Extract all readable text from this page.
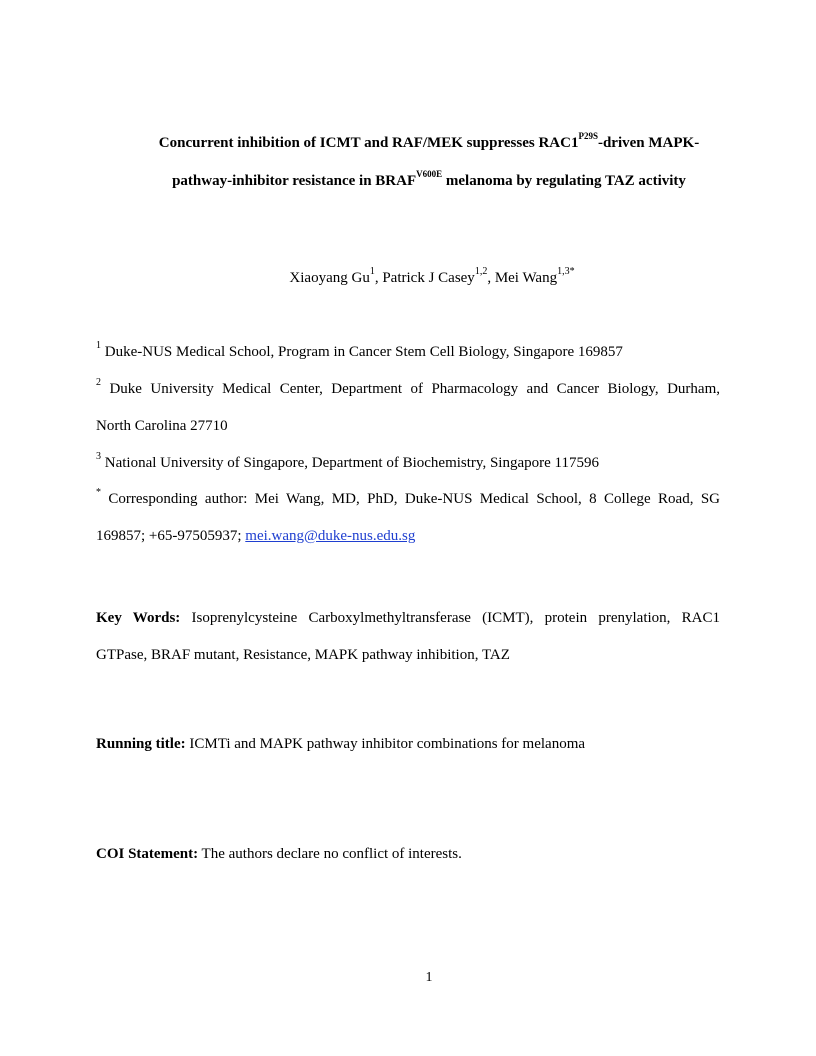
Concurrent inhibition of ICMT and RAF/MEK suppresses $RAC1^{P29S}$-driven MAPK-
pathway-inhibitor resistance in $BRAF^{V600E}$ melanoma by regulating TAZ activity
Xiaoyang Gu$^1$, Patrick J Casey$^{1,2}$, Mei Wang$^{1,3*}$
$^1$ Duke-NUS Medical School, Program in Cancer Stem Cell Biology, Singapore 169857
$^2$ Duke University Medical Center, Department of Pharmacology and Cancer Biology, Durham,
North Carolina 27710
$^3$ National University of Singapore, Department of Biochemistry, Singapore 117596
* Corresponding author: Mei Wang, MD, PhD, Duke-NUS Medical School, 8 College Road, SG
169857; +65-97505937; mei.wang@duke-nus.edu.sg
Key Words: Isoprenylcysteine Carboxylmethyltransferase (ICMT), protein prenylation, RAC1
GTPase, BRAF mutant, Resistance, MAPK pathway inhibition, TAZ
Running title: ICMTi and MAPK pathway inhibitor combinations for melanoma
COI Statement: The authors declare no conflict of interests.
1
